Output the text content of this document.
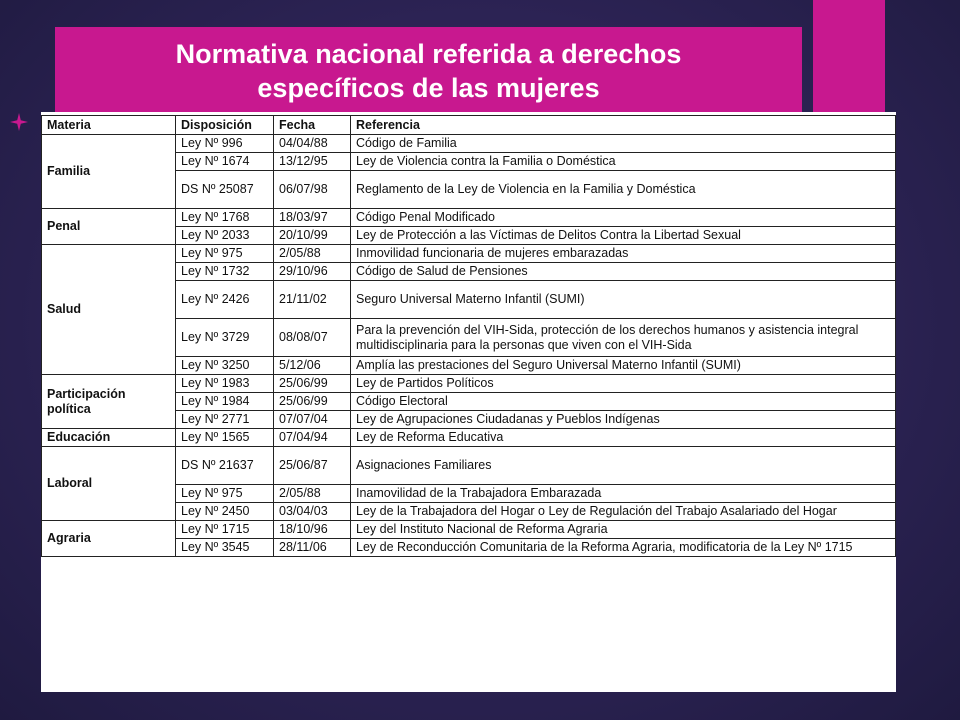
Normativa nacional referida a derechos
específicos de las mujeres
Materia	Disposición	Fecha	Referencia
Familia	Ley Nº 996	04/04/88	Código de Familia
	Ley Nº 1674	13/12/95	Ley de Violencia contra la Familia o Doméstica
	DS Nº 25087	06/07/98	Reglamento de la Ley de Violencia en la Familia y Doméstica
Penal	Ley Nº 1768	18/03/97	Código Penal Modificado
	Ley Nº 2033	20/10/99	Ley de Protección a las Víctimas de Delitos Contra la Libertad Sexual
Salud	Ley Nº 975	2/05/88	Inmovilidad funcionaria de mujeres embarazadas
	Ley Nº 1732	29/10/96	Código de Salud de Pensiones
	Ley Nº 2426	21/11/02	Seguro Universal Materno Infantil (SUMI)
	Ley Nº 3729	08/08/07	Para la prevención del VIH-Sida, protección de los derechos humanos y asistencia integral multidisciplinaria para la personas que viven con el VIH-Sida
	Ley Nº 3250	5/12/06	Amplía las prestaciones del Seguro Universal Materno Infantil (SUMI)
Participación política	Ley Nº 1983	25/06/99	Ley de Partidos Políticos
	Ley Nº 1984	25/06/99	Código Electoral
	Ley Nº 2771	07/07/04	Ley de Agrupaciones Ciudadanas y Pueblos Indígenas
Educación	Ley Nº 1565	07/04/94	Ley de Reforma Educativa
Laboral	DS Nº 21637	25/06/87	Asignaciones Familiares
	Ley Nº 975	2/05/88	Inamovilidad de la Trabajadora Embarazada
	Ley Nº 2450	03/04/03	Ley de la Trabajadora del Hogar o Ley de Regulación del Trabajo Asalariado del Hogar
Agraria	Ley Nº 1715	18/10/96	Ley del Instituto Nacional de Reforma Agraria
	Ley Nº 3545	28/11/06	Ley de Reconducción Comunitaria de la Reforma Agraria, modificatoria de la Ley Nº 1715
